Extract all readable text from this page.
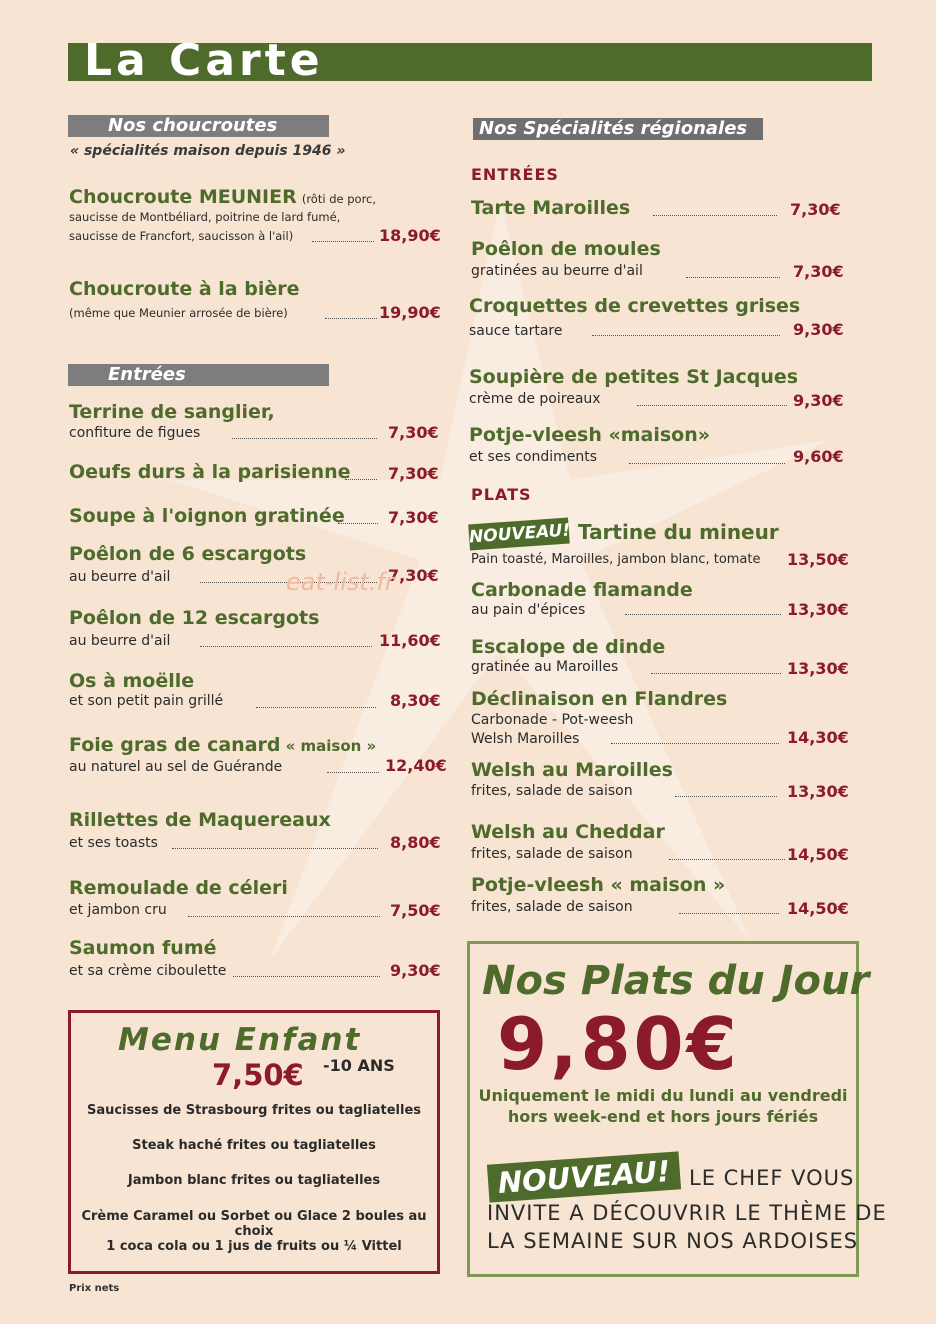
La Carte
Nos choucroutes
« spécialités maison depuis 1946 »
Choucroute MEUNIER (rôti de porc,
saucisse de Montbéliard, poitrine de lard fumé,
saucisse de Francfort, saucisson à l'ail)	18,90€
Choucroute à la bière
(même que Meunier arrosée de bière)	19,90€
Entrées
Terrine de sanglier,
confiture de figues	7,30€
Oeufs durs à la parisienne 7,30€
Soupe à l'oignon gratinée	7,30€
Poêlon de 6 escargots
au beurre d'ail	7,30€
Poêlon de 12 escargots
au beurre d'ail	11,60€
Os à moëlle
et son petit pain grillé	8,30€
Foie gras de canard « maison »
au naturel au sel de Guérande	12,40€
Rillettes de Maquereaux
et ses toasts	8,80€
Remoulade de céleri
et jambon cru	7,50€
Saumon fumé
et sa crème ciboulette	9,30€
eat-list.fr
Menu Enfant
7,50€ -10 ANS
Saucisses de Strasbourg frites ou tagliatelles
Steak haché frites ou tagliatelles
Jambon blanc frites ou tagliatelles
Crème Caramel ou Sorbet ou Glace 2 boules au choix
1 coca cola ou 1 jus de fruits ou ¼ Vittel
Prix nets
Nos Spécialités régionales
ENTRÉES
Tarte Maroilles	7,30€
Poêlon de moules
gratinées au beurre d'ail	7,30€
Croquettes de crevettes grises
sauce tartare	9,30€
Soupière de petites St Jacques
crème de poireaux	9,30€
Potje-vleesh «maison»
et ses condiments	9,60€
PLATS
NOUVEAU! Tartine du mineur
Pain toasté, Maroilles, jambon blanc, tomate 13,50€
Carbonade flamande
au pain d'épices	13,30€
Escalope de dinde
gratinée au Maroilles	13,30€
Déclinaison en Flandres
Carbonade - Pot-weesh
Welsh Maroilles	14,30€
Welsh au Maroilles
frites, salade de saison	13,30€
Welsh au Cheddar
frites, salade de saison	14,50€
Potje-vleesh « maison »
frites, salade de saison	14,50€
Nos Plats du Jour
9,80€
Uniquement le midi du lundi au vendredi
hors week-end et hors jours fériés
NOUVEAU! LE CHEF VOUS
INVITE A DÉCOUVRIR LE THÈME DE
LA SEMAINE SUR NOS ARDOISES
